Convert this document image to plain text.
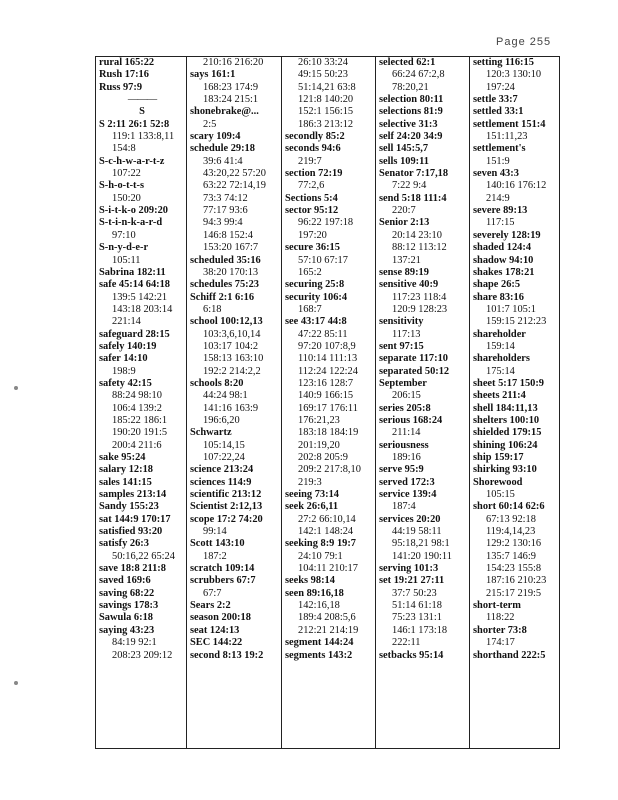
Page 255
rural 165:22
Rush 17:16
Russ 97:9
———
S
S 2:11 26:1 52:8
119:1 133:8,11
154:8
S-c-h-w-a-r-t-z
107:22
S-h-o-t-t-s
150:20
S-i-t-k-o 209:20
S-t-i-n-k-a-r-d
97:10
S-n-y-d-e-r
105:11
Sabrina 182:11
safe 45:14 64:18
139:5 142:21
143:18 203:14
221:14
safeguard 28:15
safely 140:19
safer 14:10
198:9
safety 42:15
88:24 98:10
106:4 139:2
185:22 186:1
190:20 191:5
200:4 211:6
sake 95:24
salary 12:18
sales 141:15
samples 213:14
Sandy 155:23
sat 144:9 170:17
satisfied 93:20
satisfy 26:3
50:16,22 65:24
save 18:8 211:8
saved 169:6
saving 68:22
savings 178:3
Sawula 6:18
saying 43:23
84:19 92:1
208:23 209:12
210:16 216:20
says 161:1
168:23 174:9
183:24 215:1
shonebrake@...
2:5
scary 109:4
schedule 29:18
39:6 41:4
43:20,22 57:20
63:22 72:14,19
73:3 74:12
77:17 93:6
94:3 99:4
146:8 152:4
153:20 167:7
scheduled 35:16
38:20 170:13
schedules 75:23
Schiff 2:1 6:16
6:18
school 100:12,13
103:3,6,10,14
103:17 104:2
158:13 163:10
192:2 214:2,2
schools 8:20
44:24 98:1
141:16 163:9
196:6,20
Schwartz
105:14,15
107:22,24
science 213:24
sciences 114:9
scientific 213:12
Scientist 2:12,13
scope 17:2 74:20
99:14
Scott 143:10
187:2
scratch 109:14
scrubbers 67:7
67:7
Sears 2:2
season 200:18
seat 124:13
SEC 144:22
second 8:13 19:2
26:10 33:24
49:15 50:23
51:14,21 63:8
121:8 140:20
152:1 156:15
186:3 213:12
secondly 85:2
seconds 94:6
219:7
section 72:19
77:2,6
Sections 5:4
sector 95:12
96:22 197:18
197:20
secure 36:15
57:10 67:17
165:2
securing 25:8
security 106:4
168:7
see 43:17 44:8
47:22 85:11
97:20 107:8,9
110:14 111:13
112:24 122:24
123:16 128:7
140:9 166:15
169:17 176:11
176:21,23
183:18 184:19
201:19,20
202:8 205:9
209:2 217:8,10
219:3
seeing 73:14
seek 26:6,11
27:2 66:10,14
142:1 148:24
seeking 8:9 19:7
24:10 79:1
104:11 210:17
seeks 98:14
seen 89:16,18
142:16,18
189:4 208:5,6
212:21 214:19
segment 144:24
segments 143:2
selected 62:1
66:24 67:2,8
78:20,21
selection 80:11
selections 81:9
selective 31:3
self 24:20 34:9
sell 145:5,7
sells 109:11
Senator 7:17,18
7:22 9:4
send 5:18 111:4
220:7
Senior 2:13
20:14 23:10
88:12 113:12
137:21
sense 89:19
sensitive 40:9
117:23 118:4
120:9 128:23
sensitivity
117:13
sent 97:15
separate 117:10
separated 50:12
September
206:15
series 205:8
serious 168:24
211:14
seriousness
189:16
serve 95:9
served 172:3
service 139:4
187:4
services 20:20
44:19 58:11
95:18,21 98:1
141:20 190:11
serving 101:3
set 19:21 27:11
37:7 50:23
51:14 61:18
75:23 131:1
146:1 173:18
222:11
setbacks 95:14
setting 116:15
120:3 130:10
197:24
settle 33:7
settled 33:1
settlement 151:4
151:11,23
settlement's
151:9
seven 43:3
140:16 176:12
214:9
severe 89:13
117:15
severely 128:19
shaded 124:4
shadow 94:10
shakes 178:21
shape 26:5
share 83:16
101:7 105:1
159:15 212:23
shareholder
159:14
shareholders
175:14
sheet 5:17 150:9
sheets 211:4
shell 184:11,13
shelters 100:10
shielded 179:15
shining 106:24
ship 159:17
shirking 93:10
Shorewood
105:15
short 60:14 62:6
67:13 92:18
119:4,14,23
129:2 130:16
135:7 146:9
154:23 155:8
187:16 210:23
215:17 219:5
short-term
118:22
shorter 73:8
174:17
shorthand 222:5
